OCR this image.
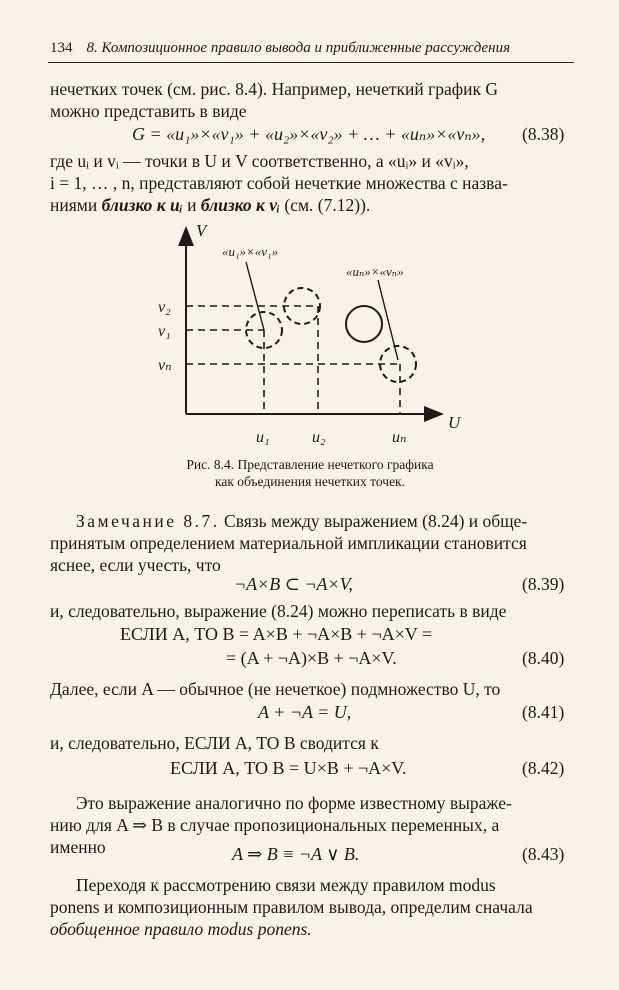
134 8. Композиционное правило вывода и приближенные рассуждения
нечетких точек (см. рис. 8.4). Например, нечеткий график G
можно представить в виде
G = «u₁»×«v₁» + «u₂»×«v₂» + … + «uₙ»×«vₙ», (8.38)
где uᵢ и vᵢ — точки в U и V соответственно, а «uᵢ» и «vᵢ»,
i = 1, … , n, представляют собой нечеткие множества с назва-
ниями близко к uᵢ и близко к vᵢ (см. (7.12)).
V
U
«u₁»×«v₁»
«uₙ»×«vₙ»
v₂
v₁
vₙ
u₁	u₂	uₙ
Рис. 8.4. Представление нечеткого графика
как объединения нечетких точек.
Замечание 8.7. Связь между выражением (8.24) и обще-
принятым определением материальной импликации становится
яснее, если учесть, что
¬A×B ⊂ ¬A×V,	(8.39)
и, следовательно, выражение (8.24) можно переписать в виде
ЕСЛИ A, ТО B = A×B + ¬A×B + ¬A×V =
= (A + ¬A)×B + ¬A×V.	(8.40)
Далее, если A — обычное (не нечеткое) подмножество U, то
A + ¬A = U,	(8.41)
и, следовательно, ЕСЛИ A, ТО B сводится к
ЕСЛИ A, ТО B = U×B + ¬A×V.	(8.42)
Это выражение аналогично по форме известному выраже-
нию для A ⇒ B в случае пропозициональных переменных, а
именно	A ⇒ B ≡ ¬A ∨ B.	(8.43)
Переходя к рассмотрению связи между правилом modus
ponens и композиционным правилом вывода, определим сначала
обобщенное правило modus ponens.
